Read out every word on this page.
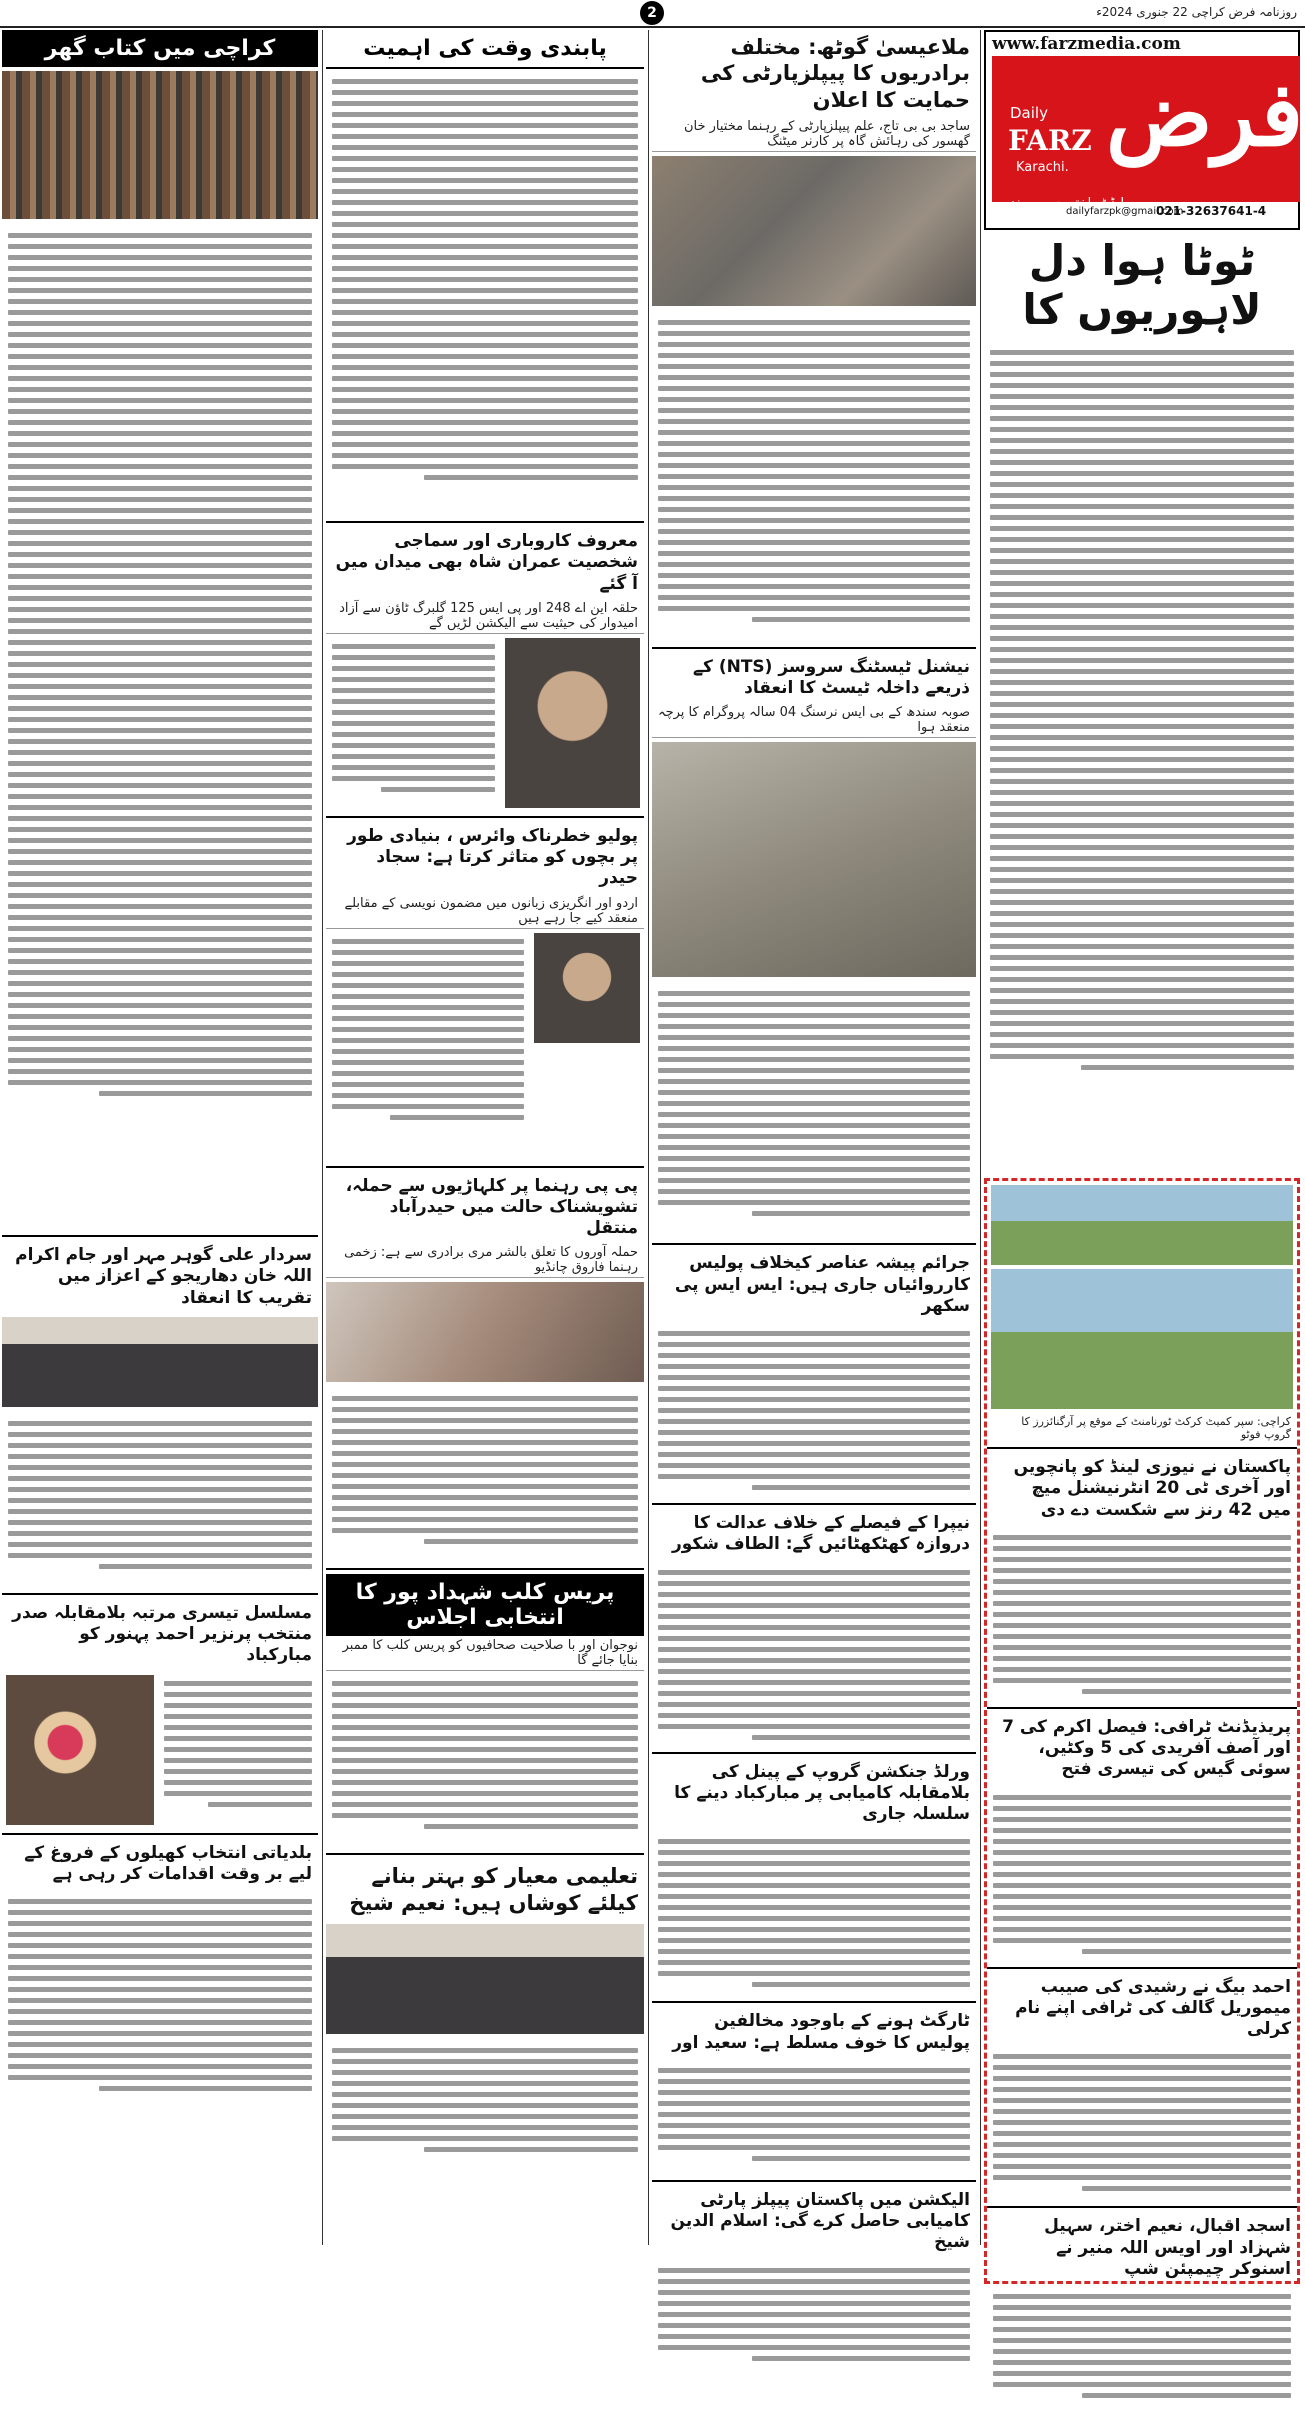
2	روزنامہ فرض کراچی 22 جنوری 2024ء
www.farzmedia.com
Daily
FARZ
Karachi.
ایڈیٹر اختر حسین رند
فرض
dailyfarzpk@gmail.com
021-32637641-4
ٹوٹا ہوا دل لاہوریوں کا
کراچی: سپر کمیٹ کرکٹ ٹورنامنٹ کے موقع پر آرگنائزرز کا گروپ فوٹو
پاکستان نے نیوزی لینڈ کو پانچویں اور آخری ٹی 20 انٹرنیشنل میچ میں 42 رنز سے شکست دے دی
پریذیڈنٹ ٹرافی: فیصل اکرم کی 7 اور آصف آفریدی کی 5 وکٹیں، سوئی گیس کی تیسری فتح
احمد بیگ نے رشیدی کی صیبب میموریل گالف کی ٹرافی اپنے نام کرلی
اسجد اقبال، نعیم اختر، سہیل شہزاد اور اویس اللہ منیر نے اسنوکر چیمپئن شپ
ملاعیسیٰ گوٹھ: مختلف برادریوں کا پیپلزپارٹی کی حمایت کا اعلان
ساجد بی بی تاج، علم پیپلزپارٹی کے رہنما مختیار خان گھسور کی رہائش گاہ پر کارنر میٹنگ
نیشنل ٹیسٹنگ سروسز (NTS) کے ذریعے داخلہ ٹیسٹ کا انعقاد
صوبہ سندھ کے بی ایس نرسنگ 04 سالہ پروگرام کا پرچہ منعقد ہوا
جرائم پیشہ عناصر کیخلاف پولیس کارروائیاں جاری ہیں: ایس ایس پی سکھر
نیپرا کے فیصلے کے خلاف عدالت کا دروازہ کھٹکھٹائیں گے: الطاف شکور
ورلڈ جنکشن گروپ کے پینل کی بلامقابلہ کامیابی پر مبارکباد دینے کا سلسلہ جاری
ٹارگٹ ہونے کے باوجود مخالفین پولیس کا خوف مسلط ہے: سعید اور
الیکشن میں پاکستان پیپلز پارٹی کامیابی حاصل کرے گی: اسلام الدین شیخ
پابندی وقت کی اہمیت
معروف کاروباری اور سماجی شخصیت عمران شاہ بھی میدان میں آ گئے
حلقہ این اے 248 اور پی ایس 125 گلبرگ ٹاؤن سے آزاد امیدوار کی حیثیت سے الیکشن لڑیں گے
پولیو خطرناک وائرس ، بنیادی طور پر بچوں کو متاثر کرتا ہے: سجاد حیدر
اردو اور انگریزی زبانوں میں مضمون نویسی کے مقابلے منعقد کیے جا رہے ہیں
پی پی رہنما پر کلہاڑیوں سے حملہ، تشویشناک حالت میں حیدرآباد منتقل
حملہ آوروں کا تعلق بالشر مری برادری سے ہے: زخمی رہنما فاروق چانڈیو
پریس کلب شہداد پور کا انتخابی اجلاس
نوجوان اور با صلاحیت صحافیوں کو پریس کلب کا ممبر بنایا جائے گا
تعلیمی معیار کو بہتر بنانے کیلئے کوشاں ہیں: نعیم شیخ
کراچی میں کتاب گھر
سردار علی گوہر مہر اور جام اکرام اللہ خان دھاریجو کے اعزاز میں تقریب کا انعقاد
مسلسل تیسری مرتبہ بلامقابلہ صدر منتخب پرنزیر احمد پہنور کو مبارکباد
بلدیاتی انتخاب کھیلوں کے فروغ کے لیے بر وقت اقدامات کر رہی ہے
